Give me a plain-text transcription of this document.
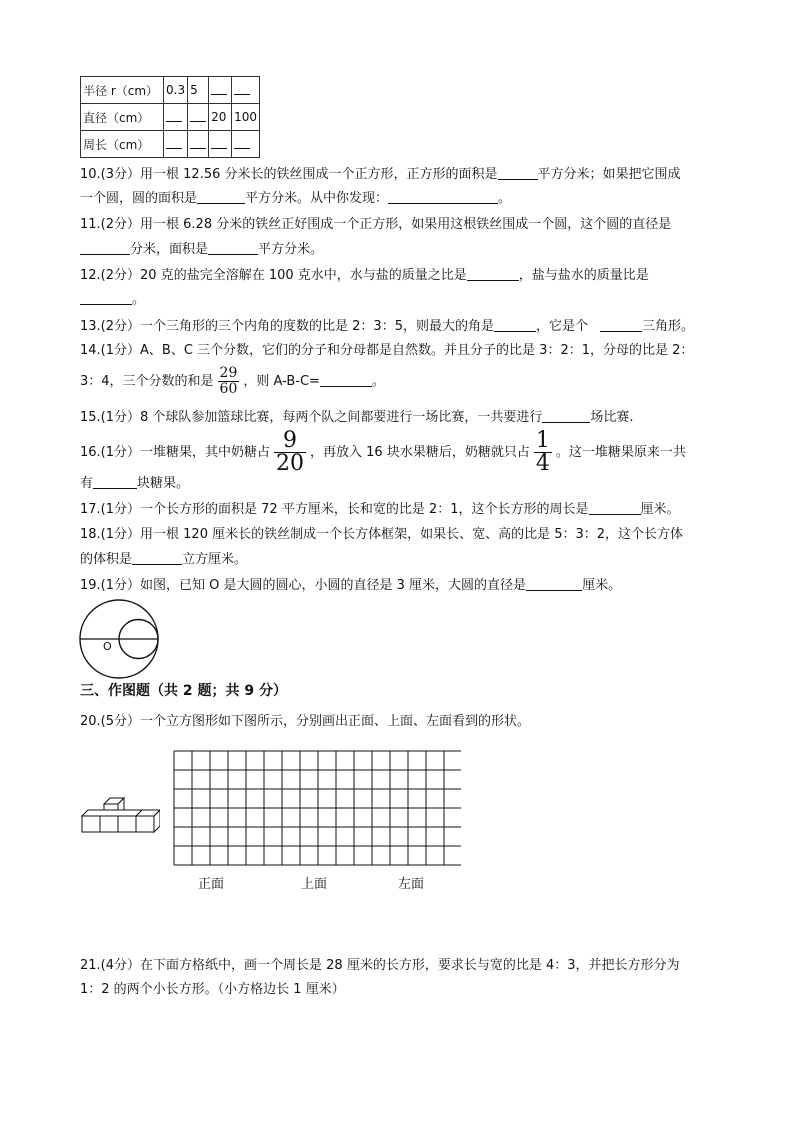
半径 r（cm）	0.3	5		
直径（cm）			20	100
周长（cm）				
10.(3分）用一根 12.56 分米长的铁丝围成一个正方形，正方形的面积是	平方分米；如果把它围成
一个圆，圆的面积是	平方分米。从中你发现：	。
11.(2分）用一根 6.28 分米的铁丝正好围成一个正方形，如果用这根铁丝围成一个圆，这个圆的直径是
分米，面积是	平方分米。
12.(2分）20 克的盐完全溶解在 100 克水中，水与盐的质量之比是	，盐与盐水的质量比是
。
13.(2分）一个三角形的三个内角的度数的比是 2：3：5，则最大的角是	，它是个	三角形。
14.(1分）A、B、C 三个分数，它们的分子和分母都是自然数。并且分子的比是 3：2：1，分母的比是 2：
3：4，三个分数的和是 $\frac{29}{60}$ ，则 A-B-C=	。
15.(1分）8 个球队参加篮球比赛，每两个队之间都要进行一场比赛，一共要进行	场比赛.
16.(1分）一堆糖果，其中奶糖占 $\frac{9}{20}$ ，再放入 16 块水果糖后，奶糖就只占 $\frac{1}{4}$ 。这一堆糖果原来一共
有	块糖果。
17.(1分）一个长方形的面积是 72 平方厘米，长和宽的比是 2：1，这个长方形的周长是	厘米。
18.(1分）用一根 120 厘米长的铁丝制成一个长方体框架，如果长、宽、高的比是 5：3：2，这个长方体
的体积是	立方厘米。
19.(1分）如图，已知 O 是大圆的圆心，小圆的直径是 3 厘米，大圆的直径是	厘米。
O
三、作图题（共 2 题；共 9 分）
20.(5分）一个立方图形如下图所示，分别画出正面、上面、左面看到的形状。
正面	上面	左面
21.(4分）在下面方格纸中，画一个周长是 28 厘米的长方形，要求长与宽的比是 4：3，并把长方形分为
1：2 的两个小长方形。（小方格边长 1 厘米）
